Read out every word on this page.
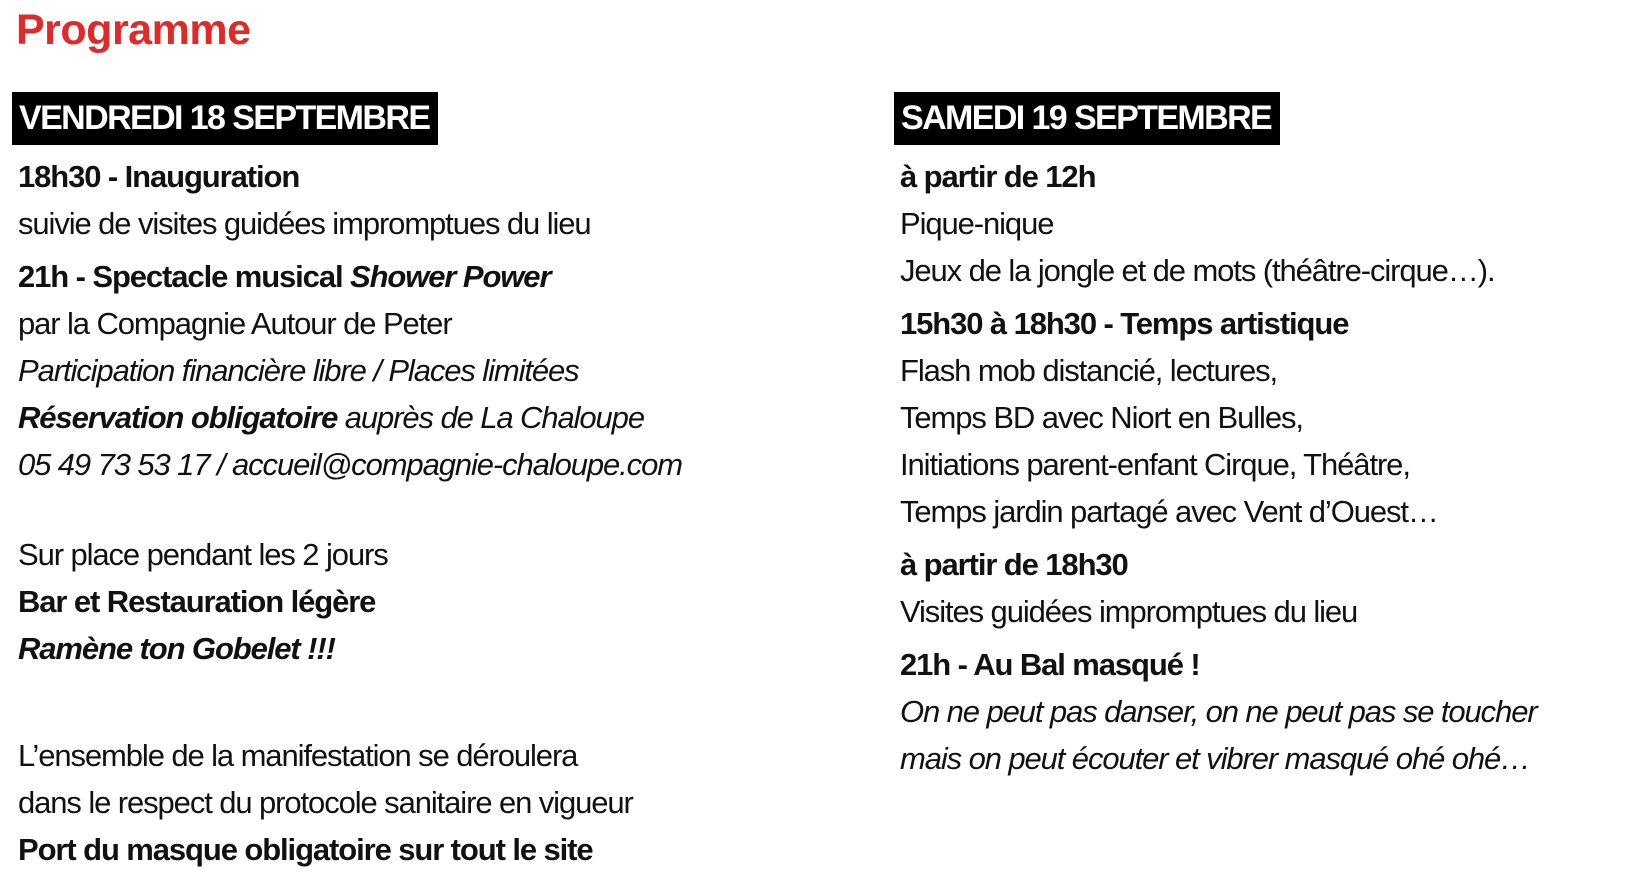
Programme
VENDREDI 18 SEPTEMBRE
18h30 - Inauguration
suivie de visites guidées impromptues du lieu
21h - Spectacle musical Shower Power
par la Compagnie Autour de Peter
Participation financière libre / Places limitées
Réservation obligatoire auprès de La Chaloupe
05 49 73 53 17 / accueil@compagnie-chaloupe.com
Sur place pendant les 2 jours
Bar et Restauration légère
Ramène ton Gobelet !!!
L’ensemble de la manifestation se déroulera
dans le respect du protocole sanitaire en vigueur
Port du masque obligatoire sur tout le site
SAMEDI 19 SEPTEMBRE
à partir de 12h
Pique-nique
Jeux de la jongle et de mots (théâtre-cirque…).
15h30 à 18h30 - Temps artistique
Flash mob distancié, lectures,
Temps BD avec Niort en Bulles,
Initiations parent-enfant Cirque, Théâtre,
Temps jardin partagé avec Vent d’Ouest…
à partir de 18h30
Visites guidées impromptues du lieu
21h - Au Bal masqué !
On ne peut pas danser, on ne peut pas se toucher
mais on peut écouter et vibrer masqué ohé ohé…
